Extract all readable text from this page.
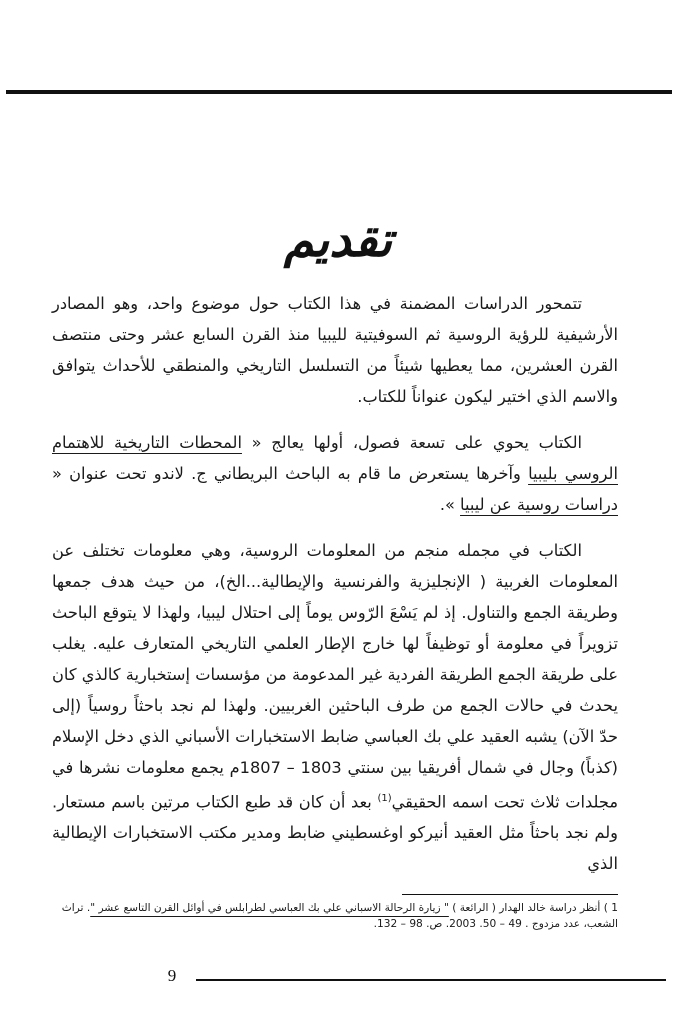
تقديم

تتمحور الدراسات المضمنة في هذا الكتاب حول موضوع واحد، وهو المصادر الأرشيفية للرؤية الروسية ثم السوفيتية لليبيا منذ القرن السابع عشر وحتى منتصف القرن العشرين، مما يعطيها شيئاً من التسلسل التاريخي والمنطقي للأحداث يتوافق والاسم الذي اختير ليكون عنواناً للكتاب.

الكتاب يحوي على تسعة فصول، أولها يعالج « المحطات التاريخية للاهتمام الروسي بليبيا وآخرها يستعرض ما قام به الباحث البريطاني ج. لاندو تحت عنوان « دراسات روسية عن ليبيا ».

الكتاب في مجمله منجم من المعلومات الروسية، وهي معلومات تختلف عن المعلومات الغربية ( الإنجليزية والفرنسية والإيطالية...الخ)، من حيث هدف جمعها وطريقة الجمع والتناول. إذ لم يَسْعَ الرّوس يوماً إلى احتلال ليبيا، ولهذا لا يتوقع الباحث تزويراً في معلومة أو توظيفاً لها خارج الإطار العلمي التاريخي المتعارف عليه. يغلب على طريقة الجمع الطريقة الفردية غير المدعومة من مؤسسات إستخبارية كالذي كان يحدث في حالات الجمع من طرف الباحثين الغربيين. ولهذا لم نجد باحثاً روسياً (إلى حدّ الآن) يشبه العقيد علي بك العباسي ضابط الاستخبارات الأسباني الذي دخل الإسلام (كذباً) وجال في شمال أفريقيا بين سنتي 1803 – 1807م يجمع معلومات نشرها في مجلدات ثلاث تحت اسمه الحقيقي$^{(1)}$ بعد أن كان قد طبع الكتاب مرتين باسم مستعار. ولم نجد باحثاً مثل العقيد أنيركو اوغسطيني ضابط ومدير مكتب الاستخبارات الإيطالية الذي

1 ) أنظر دراسة خالد الهدار ( الرائعة ) " زيارة الرحالة الاسباني علي بك العباسي لطرابلس في أوائل القرن التاسع عشر ". تراث الشعب، عدد مزدوج . 49 – 50. 2003. ص. 98 – 132.
9
